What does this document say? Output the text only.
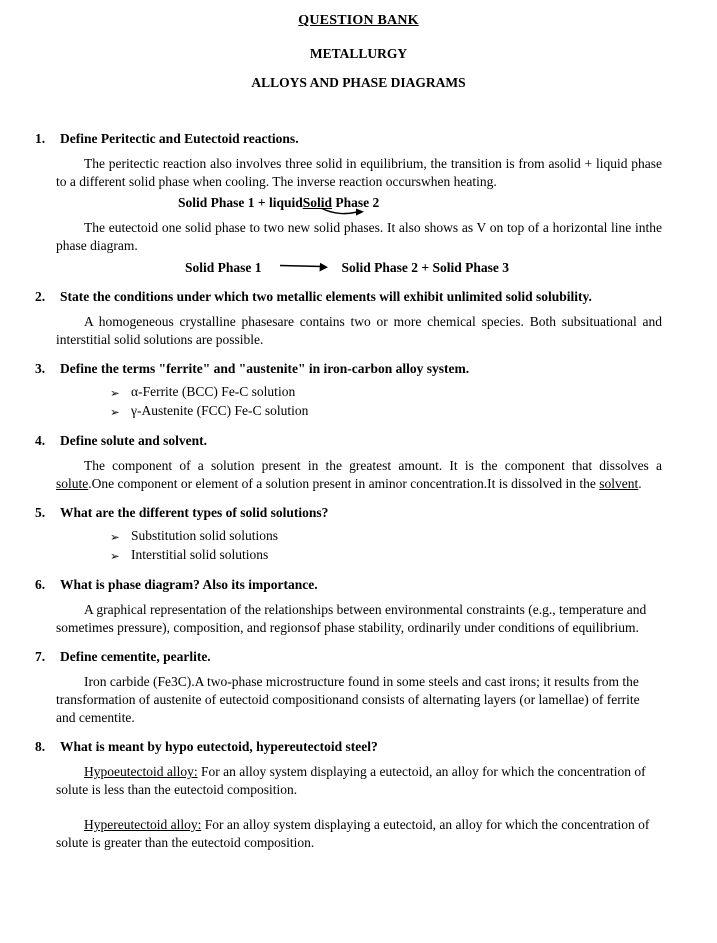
QUESTION BANK
METALLURGY
ALLOYS AND PHASE DIAGRAMS
1.	Define Peritectic and Eutectoid reactions.

The peritectic reaction also involves three solid in equilibrium, the transition is from asolid + liquid phase to a different solid phase when cooling. The inverse reaction occurswhen heating.

Solid Phase 1 + liquidSolid Phase 2

The eutectoid one solid phase to two new solid phases. It also shows as V on top of a horizontal line inthe phase diagram.

Solid Phase 1	Solid Phase 2 + Solid Phase 3
2.	State the conditions under which two metallic elements will exhibit unlimited solid solubility.

A homogeneous crystalline phasesare contains two or more chemical species. Both subsituational and interstitial solid solutions are possible.

3.	Define the terms "ferrite" and "austenite" in iron-carbon alloy system.
➢ α-Ferrite (BCC) Fe-C solution
➢ γ-Austenite (FCC) Fe-C solution
4.	Define solute and solvent.

The component of a solution present in the greatest amount. It is the component that dissolves a solute.One component or element of a solution present in aminor concentration.It is dissolved in the solvent.

5.	What are the different types of solid solutions?
➢ Substitution solid solutions
➢ Interstitial solid solutions
6.	What is phase diagram? Also its importance.

A graphical representation of the relationships between environmental constraints (e.g., temperature and sometimes pressure), composition, and regionsof phase stability, ordinarily under conditions of equilibrium.

7.	Define cementite, pearlite.

Iron carbide (Fe3C).A two-phase microstructure found in some steels and cast irons; it results from the transformation of austenite of eutectoid compositionand consists of alternating layers (or lamellae) of ferrite and cementite.

8.	What is meant by hypo eutectoid, hypereutectoid steel?

Hypoeutectoid alloy: For an alloy system displaying a eutectoid, an alloy for which the concentration of solute is less than the eutectoid composition.

Hypereutectoid alloy: For an alloy system displaying a eutectoid, an alloy for which the concentration of solute is greater than the eutectoid composition.
